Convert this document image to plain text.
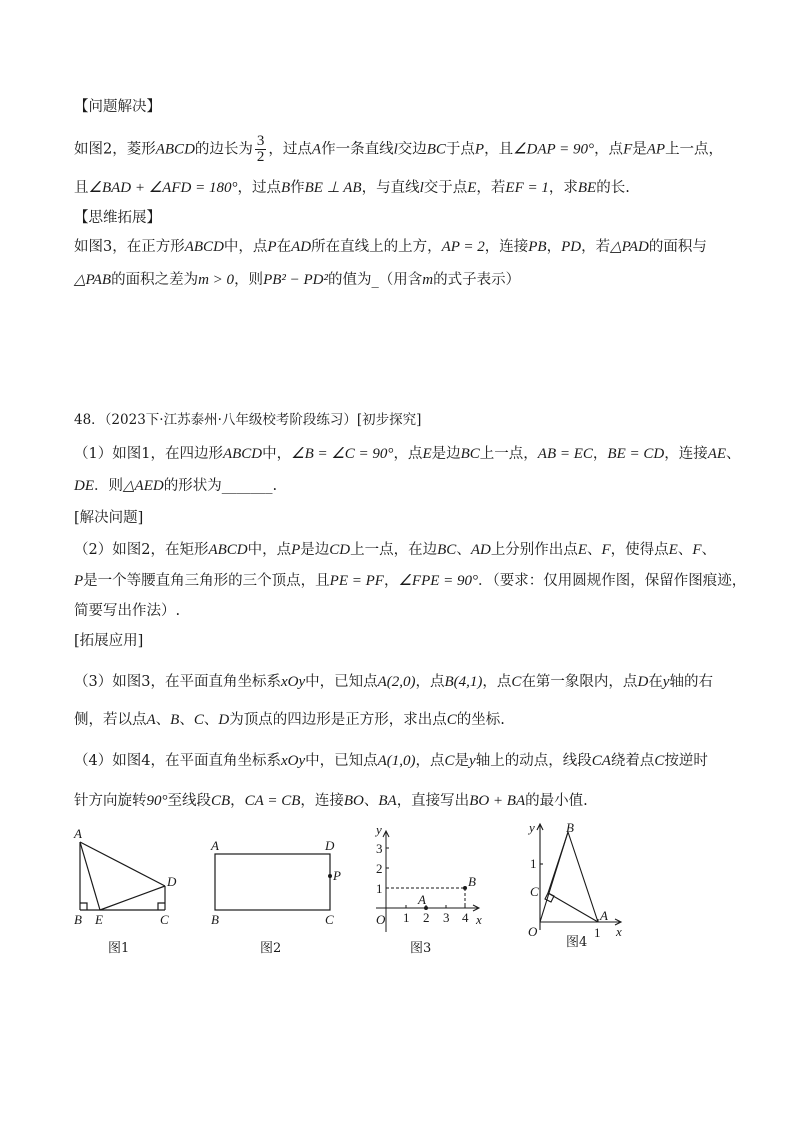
【问题解决】
如图2，菱形ABCD的边长为 $\frac{3}{2}$ ，过点A作一条直线l交边BC于点P，且∠DAP = 90°，点F是AP上一点，
且∠BAD + ∠AFD = 180°，过点B作BE ⊥ AB，与直线l交于点E，若EF = 1，求BE的长.
【思维拓展】
如图3，在正方形ABCD中，点P在AD所在直线上的上方，AP = 2，连接PB，PD，若△PAD的面积与
△PAB的面积之差为m > 0，则PB² − PD²的值为_（用含m的式子表示）
48．（2023下·江苏泰州·八年级校考阶段练习）[初步探究]
（1）如图1，在四边形ABCD中，∠B = ∠C = 90°，点E是边BC上一点，AB = EC，BE = CD，连接AE、
DE．则△AED的形状为_______.
[解决问题]
（2）如图2，在矩形ABCD中，点P是边CD上一点，在边BC、AD上分别作出点E、F，使得点E、F、
P是一个等腰直角三角形的三个顶点，且PE = PF，∠FPE = 90°．（要求：仅用圆规作图，保留作图痕迹，
简要写出作法）.
[拓展应用]
（3）如图3，在平面直角坐标系xOy中，已知点A(2,0)，点B(4,1)，点C在第一象限内，点D在y轴的右
侧，若以点A、B、C、D为顶点的四边形是正方形，求出点C的坐标.
（4）如图4，在平面直角坐标系xOy中，已知点A(1,0)，点C是y轴上的动点，线段CA绕着点C按逆时
针方向旋转90°至线段CB，CA = CB，连接BO、BA，直接写出BO + BA的最小值.
A
B E	C
D
图1
A	D
P
B	C
图2
y
x
O
3
2
1
1 2 3 4
A
B
图3
y B
1
C
O	1
A
x
图4
